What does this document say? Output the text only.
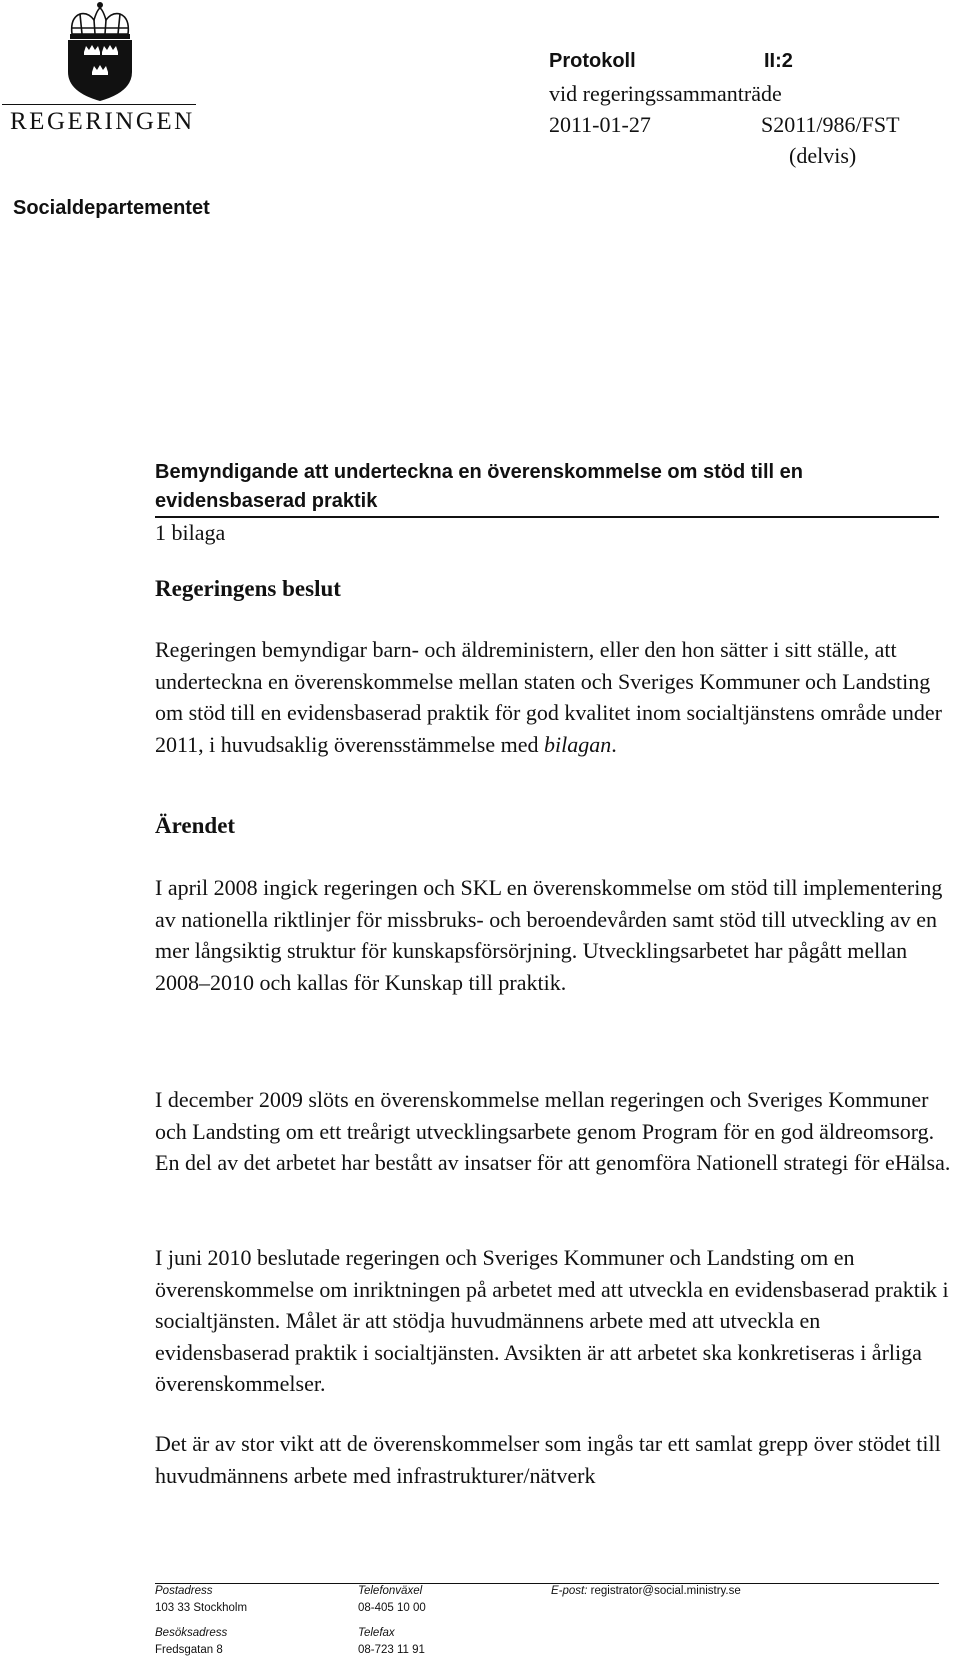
REGERINGEN
Socialdepartementet
Protokoll	II:2
vid regeringssammanträde
2011-01-27	S2011/986/FST
(delvis)
Bemyndigande att underteckna en överenskommelse om stöd till en evidensbaserad praktik
1 bilaga
Regeringens beslut
Regeringen bemyndigar barn- och äldreministern, eller den hon sätter i sitt ställe, att underteckna en överenskommelse mellan staten och Sveriges Kommuner och Landsting om stöd till en evidensbaserad praktik för god kvalitet inom socialtjänstens område under 2011, i huvudsaklig överensstämmelse med bilagan.
Ärendet
I april 2008 ingick regeringen och SKL en överenskommelse om stöd till implementering av nationella riktlinjer för missbruks- och beroendevården samt stöd till utveckling av en mer långsiktig struktur för kunskapsförsörjning. Utvecklingsarbetet har pågått mellan 2008–2010 och kallas för Kunskap till praktik.
I december 2009 slöts en överenskommelse mellan regeringen och Sveriges Kommuner och Landsting om ett treårigt utvecklingsarbete genom Program för en god äldreomsorg. En del av det arbetet har bestått av insatser för att genomföra Nationell strategi för eHälsa.
I juni 2010 beslutade regeringen och Sveriges Kommuner och Landsting om en överenskommelse om inriktningen på arbetet med att utveckla en evidensbaserad praktik i socialtjänsten. Målet är att stödja huvudmännens arbete med att utveckla en evidensbaserad praktik i socialtjänsten. Avsikten är att arbetet ska konkretiseras i årliga överenskommelser.
Det är av stor vikt att de överenskommelser som ingås tar ett samlat grepp över stödet till huvudmännens arbete med infrastrukturer/nätverk
Postadress
103 33 Stockholm
Besöksadress
Fredsgatan 8
Telefonväxel
08-405 10 00
Telefax
08-723 11 91
E-post: registrator@social.ministry.se
